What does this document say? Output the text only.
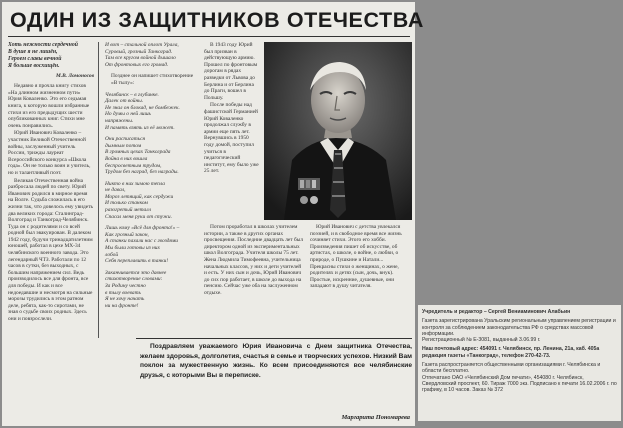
ОДИН ИЗ ЗАЩИТНИКОВ ОТЕЧЕСТВА
Хоть нежности сердечной
В душе я не лишён,
Героем славы вечной
Я больше восхищён.
М.В. Ломоносов

Недавно я прочла книгу стихов «На длинном жизненном пути» Юрия Коваленко. Это его седьмая книга, к которую вошли избранные стихи из его предыдущих шести опубликованных книг. Стихи мне очень понравились.

Юрий Иванович Коваленко – участник Великой Отечественной войны, заслуженный учитель России, трижды лауреат Всероссийского конкурса «Школа года». Он не только воин и учитель, но и талантливый поэт.

Великая Отечественная война разбросала людей по свету. Юрий Иванович родился в мирное время на Волге. Судьба сложилась в его жизни так, что довелось ему увидеть два великих города: Сталинград-Волгоград и Танкоград-Челябинск. Туда он с родителями и со всей родной был эвакуирован. В далеком 1942 году, будучи тринадцатилетним юношей, работал в цехе МХ-34 челябинского военного завода. Это легендарный ЧТЗ. Работали по 12 часов в сутки, без выходных, с большим напряжением сил. Ведь производилось все для фронта, все для победы. И как и все недоедавшие и несмотря на сильные морозы трудились в этом ратном деле, ребята, как-то сиротами, не зная о судьбе своих родных. Здесь они и повзрослели.

И вот – стальной оплот Урала,
Суровый, грозный Танкоград.
Там все кругом войной дышало
От фронтовых его громад.
Позднее он напишет стихотворение «В тылу»:
Челябинск – в глубинке.
Далек от войны.
Не знал он блокад, не бомбежек.
Но думы о ней лишь
напряжены.
И память взять из её может.
Они расписаться
дымным потом
В громных цехах Танкограда
Война в них вошла
беспросветным трудом,
Трудом без наград, без награды.
Никто в них зимою тепла
не давал,
Мороз летящий, как сердужи
И только станком
разогретый металл
Спасал меня руки от стужи.
Лишь кому «Всё для фронта!» –
Как грозный закон,
А станки пахали нас с гвоздями
Мы были готовы из них
лобой
Себя переплавить в танки!
Заканчивается это давнее стихотворение словами:
За Родину честно
в тылу воевать
Я не хочу начать
ни на фронте!

В 1943 году Юрий был призван в действующую армию. Прошел по фронтовым дорогам в рядах разведки от Львова до Берлина и от Берлина до Праги, вошел в Польшу.

После победы над фашистской Германией Юрий Коваленко продолжал службу в армии еще пять лет. Вернувшись в 1950 году домой, поступил учиться в педагогический институт, ему было уже 25 лет.

Потом проработал в школах учителем истории, а также в других органах просвещения. Последние двадцать лет был директором одной из экспериментальных школ Волгограда. Учителя школы 75 лет. Жена Людмила Тимофеевна, учительница начальных классов, у них и дети учителей и есть. У них сын и дочь, Юрий Иванович до сих пор работает, в школе до выхода на пенсию. Сейчас уже оба на заслуженном отдыхе.

Юрий Иванович с детства увлекался поэзией, и в свободное время все жизнь сочиняет стихи. Этого его хобби. Произведения пишет об искусстве, об артистах, о школе, о войне, о любви, о природе, о Пушкине и Натали... Прекрасны стихи о женщинах, о жене, родителях и детях (сын, дочь, внук). Простые, искренние, душевные, они западают в душу читателя.

Поздравляем уважаемого Юрия Ивановича с Днем защитника Отечества, желаем здоровья, долголетия, счастья в семье и творческих успехов. Низкий Вам поклон за мужественную жизнь. Ко всем присоединяются все челябинские друзья, с которыми Вы в переписке.
Маргарита Пономарева
Учредитель и редактор – Сергей Вениаминович Алабьин
Газета зарегистрирована Уральским региональным управлением регистрации и контроля за соблюдением законодательства РФ о средствах массовой информации.
Регистрационный № Е-3081, выданный 3.06.99 г.
Наш почтовый адрес: 454091 г. Челябинск, пр. Ленина, 21а, каб. 405а редакция газеты «Танкоград», телефон 270-42-73.
Газета распространяется общественными организациями г. Челябинска и области бесплатно.
Отпечатано ОАО «Челябинский Дом печати», 454080 г. Челябинск, Свердловский проспект, 60. Тираж 7000 экз. Подписано к печати 16.02.2006 г. по графику, в 10 часов. Заказ № 372
